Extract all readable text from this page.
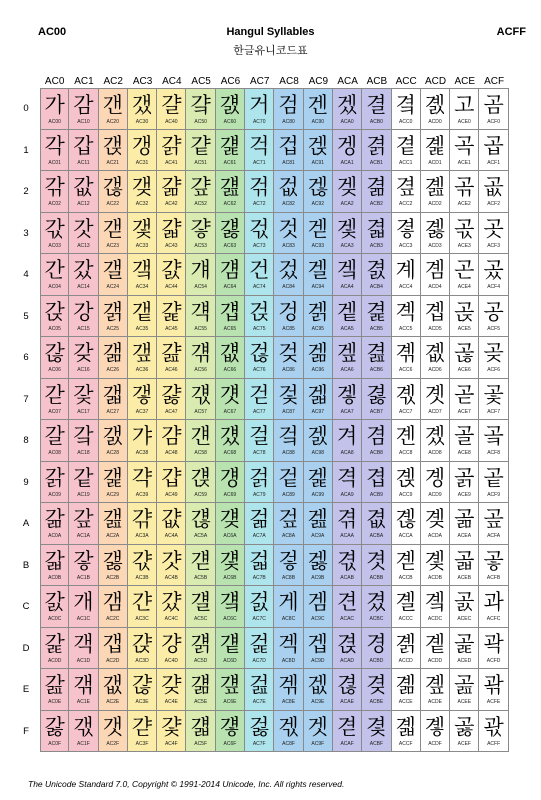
AC00	Hangul Syllables	ACFF
한글유니코드표
AC0 AC1 AC2 AC3 AC4 AC5 AC6 AC7 AC8 AC9 ACA ACB ACC ACD ACE ACF
0 가
AC00
감
AC10
갠
AC20
갰
AC30
걀
AC40
걐
AC50
걠
AC60
거
AC70
검
AC80
겐
AC90
겠
ACA0
결
ACB0
곀
ACC0
곐
ACD0
고
ACE0
곰
ACF0
1 각
AC01
갑
AC11
갡
AC21
갱
AC31
걁
AC41
걑
AC51
걡
AC61
걱
AC71
겁
AC81
겑
AC91
겡
ACA1
겱
ACB1
곁
ACC1
곑
ACD1
곡
ACE1
곱
ACF1
2 갂
AC02
값
AC12
갢
AC22
갲
AC32
걂
AC42
걒
AC52
걢
AC62
걲
AC72
겂
AC82
겒
AC92
겢
ACA2
겲
ACB2
곂
ACC2
곒
ACD2
곢
ACE2
곲
ACF2
3 갃
AC03
갓
AC13
갣
AC23
갳
AC33
걃
AC43
걓
AC53
걣
AC63
걳
AC73
것
AC83
겓
AC93
겣
ACA3
겳
ACB3
곃
ACC3
곓
ACD3
곣
ACE3
곳
ACF3
4 간
AC04
갔
AC14
갤
AC24
갴
AC34
걄
AC44
걔
AC54
걤
AC64
건
AC74
겄
AC84
겔
AC94
겤
ACA4
겴
ACB4
계
ACC4
곔
ACD4
곤
ACE4
곴
ACF4
5 갅
AC05
강
AC15
갥
AC25
갵
AC35
걅
AC45
걕
AC55
걥
AC65
걵
AC75
겅
AC85
겕
AC95
겥
ACA5
겵
ACB5
곅
ACC5
곕
ACD5
곥
ACE5
공
ACF5
6 갆
AC06
갖
AC16
갦
AC26
갶
AC36
걆
AC46
걖
AC56
걦
AC66
걶
AC76
겆
AC86
겖
AC96
겦
ACA6
겶
ACB6
곆
ACC6
곖
ACD6
곦
ACE6
곶
ACF6
7 갇
AC07
갗
AC17
갧
AC27
갷
AC37
걇
AC47
걗
AC57
걧
AC67
걷
AC77
겇
AC87
겗
AC97
겧
ACA7
겷
ACB7
곇
ACC7
곗
ACD7
곧
ACE7
곷
ACF7
8 갈
AC08
갘
AC18
갨
AC28
갸
AC38
걈
AC48
걘
AC58
걨
AC68
걸
AC78
겈
AC88
겘
AC98
겨
ACA8
겸
ACB8
곈
ACC8
곘
ACD8
골
ACE8
곸
ACF8
9 갉
AC09
같
AC19
갩
AC29
갹
AC39
걉
AC49
걙
AC59
걩
AC69
걹
AC79
겉
AC89
겙
AC99
격
ACA9
겹
ACB9
곉
ACC9
곙
ACD9
곩
ACE9
곹
ACF9
A 갊
AC0A
갚
AC1A
갪
AC2A
갺
AC3A
걊
AC4A
걚
AC5A
걪
AC6A
걺
AC7A
겊
AC8A
겚
AC9A
겪
ACAA
겺
ACBA
곊
ACCA
곚
ACDA
곪
ACEA
곺
ACFA
B 갋
AC0B
갛
AC1B
갫
AC2B
갻
AC3B
걋
AC4B
걛
AC5B
걫
AC6B
걻
AC7B
겋
AC8B
겛
AC9B
겫
ACAB
겻
ACBB
곋
ACCB
곛
ACDB
곫
ACEB
곻
ACFB
C 갌
AC0C
개
AC1C
갬
AC2C
갼
AC3C
걌
AC4C
걜
AC5C
걬
AC6C
걼
AC7C
게
AC8C
겜
AC9C
견
ACAC
겼
ACBC
곌
ACCC
곜
ACDC
곬
ACEC
과
ACFC
D 갍
AC0D
객
AC1D
갭
AC2D
갽
AC3D
걍
AC4D
걝
AC5D
걭
AC6D
걽
AC7D
겍
AC8D
겝
AC9D
겭
ACAD
경
ACBD
곍
ACCD
곝
ACDD
곭
ACED
곽
ACFD
E 갎
AC0E
갞
AC1E
갮
AC2E
갾
AC3E
걎
AC4E
걞
AC5E
걮
AC6E
걾
AC7E
겎
AC8E
겞
AC9E
겮
ACAE
겾
ACBE
곎
ACCE
곞
ACDE
곮
ACEE
곾
ACFE
F 갏
AC0F
갟
AC1F
갯
AC2F
갿
AC3F
걏
AC4F
걟
AC5F
걯
AC6F
걿
AC7F
겏
AC8F
겟
AC9F
겯
ACAF
겿
ACBF
곏
ACCF
곟
ACDF
곯
ACEF
곿
ACFF
The Unicode Standard 7.0, Copyright © 1991-2014 Unicode, Inc. All rights reserved.
